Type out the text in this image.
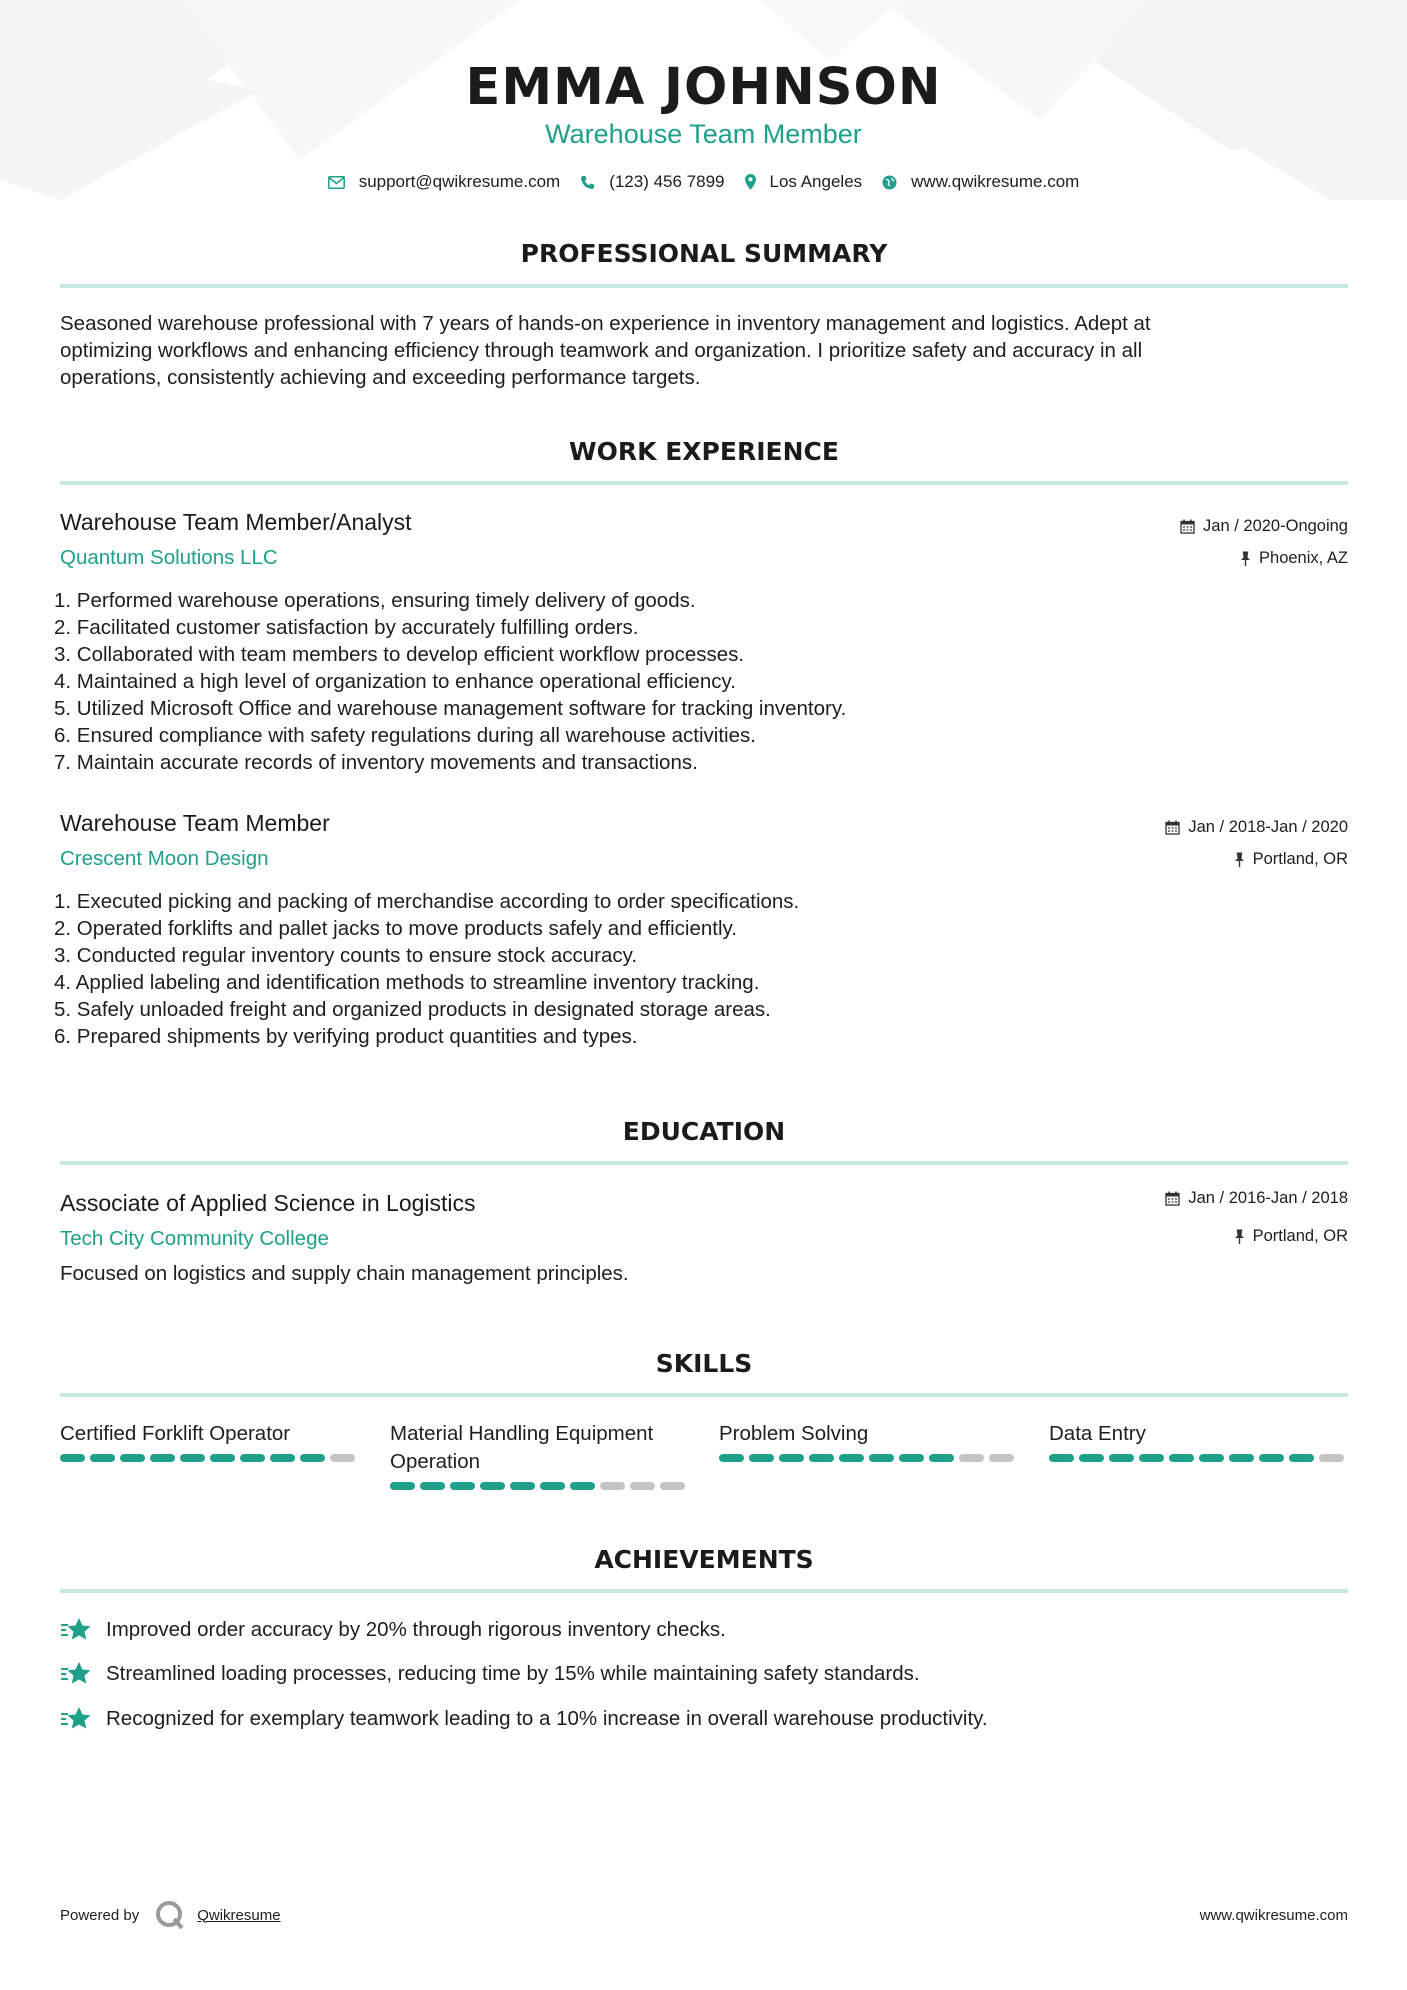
EMMA JOHNSON
Warehouse Team Member
support@qwikresume.com	(123) 456 7899	Los Angeles	www.qwikresume.com
PROFESSIONAL SUMMARY
Seasoned warehouse professional with 7 years of hands-on experience in inventory management and logistics. Adept at
optimizing workflows and enhancing efficiency through teamwork and organization. I prioritize safety and accuracy in all
operations, consistently achieving and exceeding performance targets.
WORK EXPERIENCE
Warehouse Team Member/Analyst
Quantum Solutions LLC
Jan / 2020-Ongoing
Phoenix, AZ
1. Performed warehouse operations, ensuring timely delivery of goods.
2. Facilitated customer satisfaction by accurately fulfilling orders.
3. Collaborated with team members to develop efficient workflow processes.
4. Maintained a high level of organization to enhance operational efficiency.
5. Utilized Microsoft Office and warehouse management software for tracking inventory.
6. Ensured compliance with safety regulations during all warehouse activities.
7. Maintain accurate records of inventory movements and transactions.
Warehouse Team Member
Crescent Moon Design
Jan / 2018-Jan / 2020
Portland, OR
1. Executed picking and packing of merchandise according to order specifications.
2. Operated forklifts and pallet jacks to move products safely and efficiently.
3. Conducted regular inventory counts to ensure stock accuracy.
4. Applied labeling and identification methods to streamline inventory tracking.
5. Safely unloaded freight and organized products in designated storage areas.
6. Prepared shipments by verifying product quantities and types.
EDUCATION
Associate of Applied Science in Logistics
Tech City Community College
Jan / 2016-Jan / 2018
Portland, OR
Focused on logistics and supply chain management principles.
SKILLS
Certified Forklift Operator	Material Handling Equipment Operation
Problem Solving	Data Entry
ACHIEVEMENTS
Improved order accuracy by 20% through rigorous inventory checks.
Streamlined loading processes, reducing time by 15% while maintaining safety standards.
Recognized for exemplary teamwork leading to a 10% increase in overall warehouse productivity.
Powered by	Qwikresume	www.qwikresume.com
